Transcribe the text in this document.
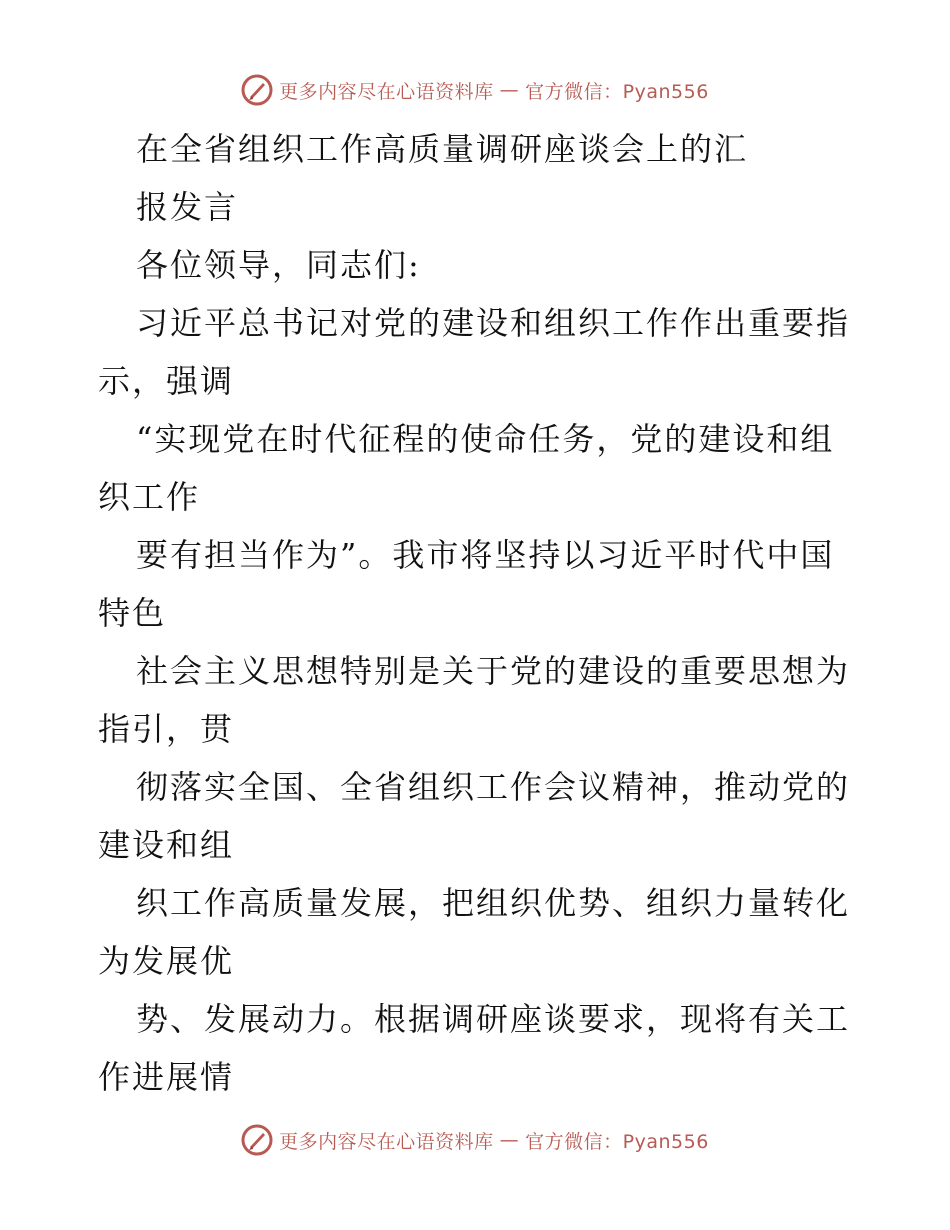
更多内容尽在心语资料库 — 官方微信：Pyan556
在全省组织工作高质量调研座谈会上的汇
报发言
各位领导，同志们:
习近平总书记对党的建设和组织工作作出重要指
示，强调
“实现党在时代征程的使命任务，党的建设和组
织工作
要有担当作为”。我市将坚持以习近平时代中国
特色
社会主义思想特别是关于党的建设的重要思想为
指引，贯
彻落实全国、全省组织工作会议精神，推动党的
建设和组
织工作高质量发展，把组织优势、组织力量转化
为发展优
势、发展动力。根据调研座谈要求，现将有关工
作进展情
更多内容尽在心语资料库 — 官方微信：Pyan556
